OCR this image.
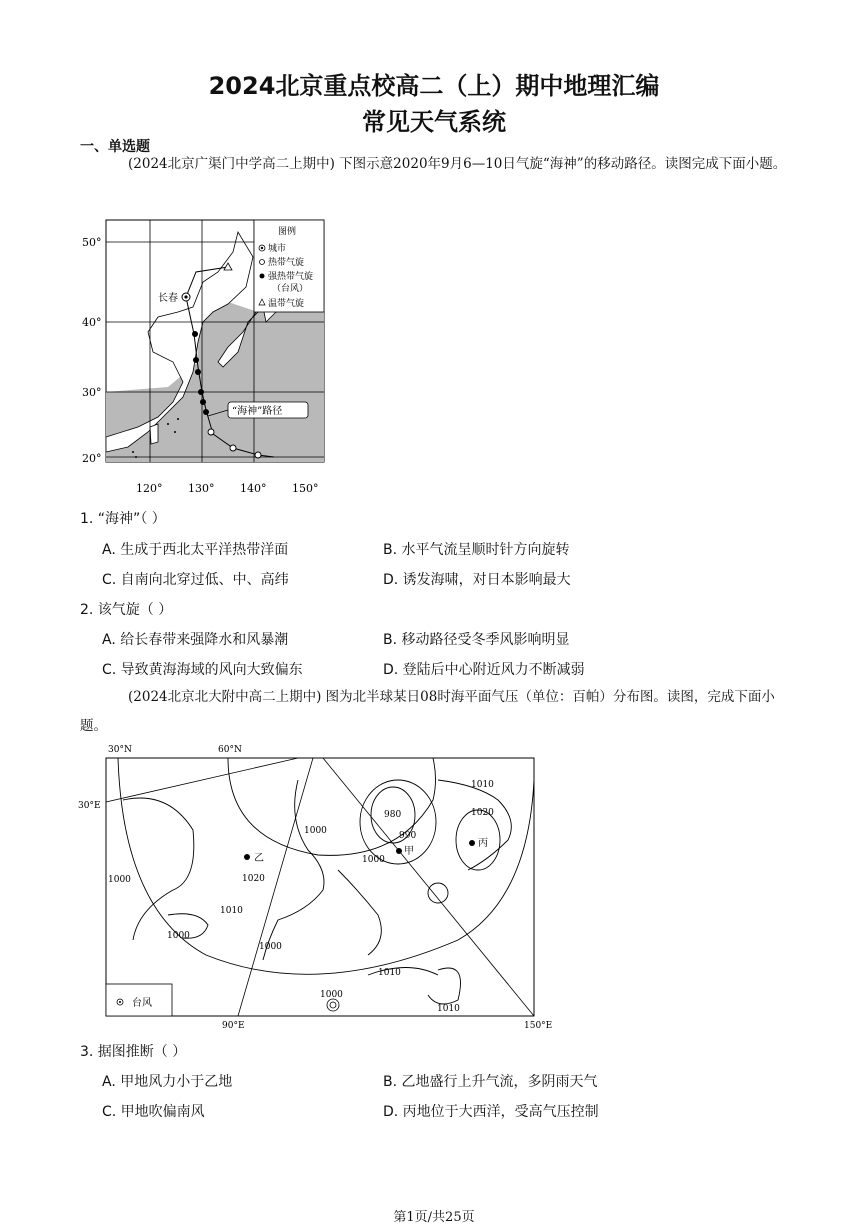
2024北京重点校高二（上）期中地理汇编
常见天气系统
一、单选题
(2024北京广渠门中学高二上期中) 下图示意2020年9月6—10日气旋“海神”的移动路径。读图完成下面小题。
50°
40°
30°
20°
120° 130° 140° 150°
长春
“海神”路径
图例
城市
热带气旋
强热带气旋
（台风）
温带气旋
1. “海神”（ ）
A. 生成于西北太平洋热带洋面	B. 水平气流呈顺时针方向旋转
C. 自南向北穿过低、中、高纬	D. 诱发海啸，对日本影响最大
2. 该气旋（ ）
A. 给长春带来强降水和风暴潮	B. 移动路径受冬季风影响明显
C. 导致黄海海域的风向大致偏东	D. 登陆后中心附近风力不断减弱
(2024北京北大附中高二上期中) 图为北半球某日08时海平面气压（单位：百帕）分布图。读图，完成下面小题。
甲
乙
丙
30°N	60°N
30°E
90°E	150°E
1010
1020
1000
980
990
1000
1020
1010
1000
1000
1000
1010
1010
1000
台风
3. 据图推断（ ）
A. 甲地风力小于乙地	B. 乙地盛行上升气流，多阴雨天气
C. 甲地吹偏南风	D. 丙地位于大西洋，受高气压控制
第1页/共25页
